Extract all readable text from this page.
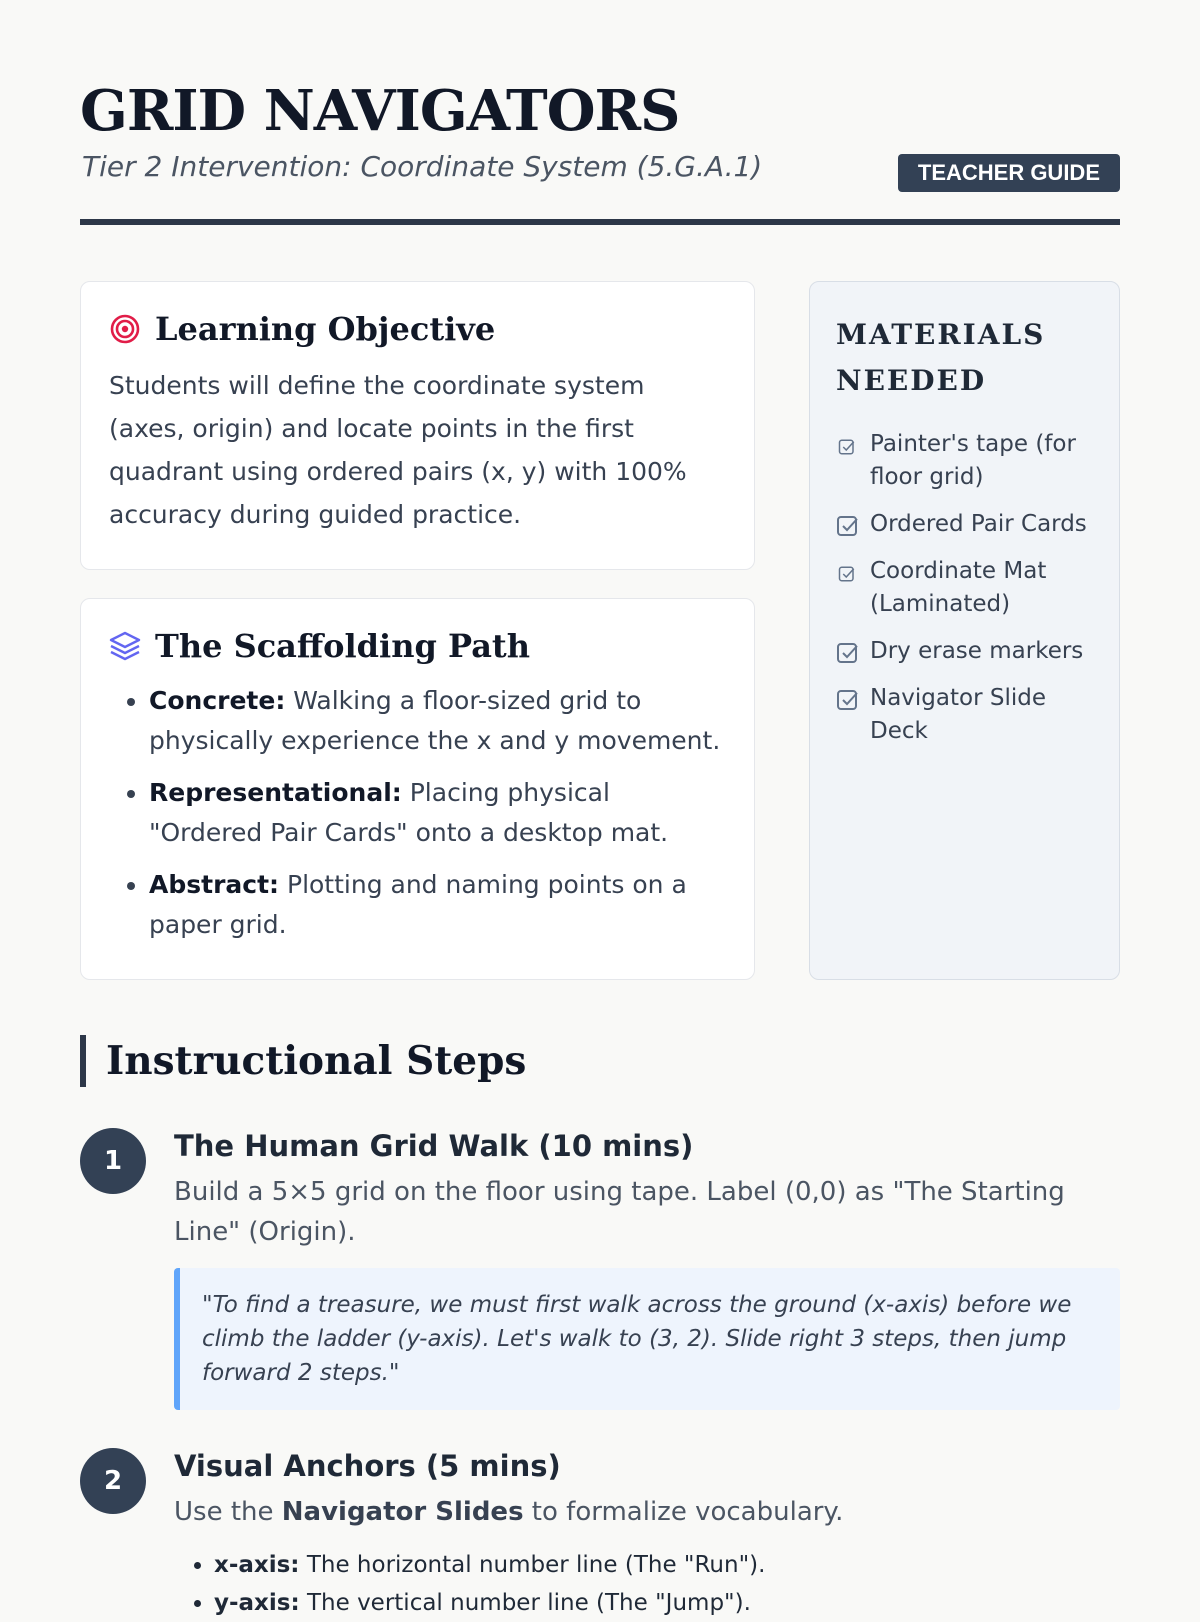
GRID NAVIGATORS

Tier 2 Intervention: Coordinate System (5.G.A.1)	TEACHER GUIDE
Learning Objective

Students will define the coordinate system (axes, origin) and locate points in the first quadrant using ordered pairs (x, y) with 100% accuracy during guided practice.

The Scaffolding Path
• Concrete: Walking a floor-sized grid to physically experience the x and y movement.
• Representational: Placing physical "Ordered Pair Cards" onto a desktop mat.
• Abstract: Plotting and naming points on a paper grid.
MATERIALS NEEDED
Painter's tape (for floor grid)
Ordered Pair Cards
Coordinate Mat (Laminated)
Dry erase markers
Navigator Slide Deck
Instructional Steps
1	The Human Grid Walk (10 mins)

Build a 5×5 grid on the floor using tape. Label (0,0) as "The Starting Line" (Origin).

"To find a treasure, we must first walk across the ground (x-axis) before we climb the ladder (y-axis). Let's walk to (3, 2). Slide right 3 steps, then jump forward 2 steps."
2	Visual Anchors (5 mins)

Use the Navigator Slides to formalize vocabulary.

• x-axis: The horizontal number line (The "Run").
• y-axis: The vertical number line (The "Jump").
